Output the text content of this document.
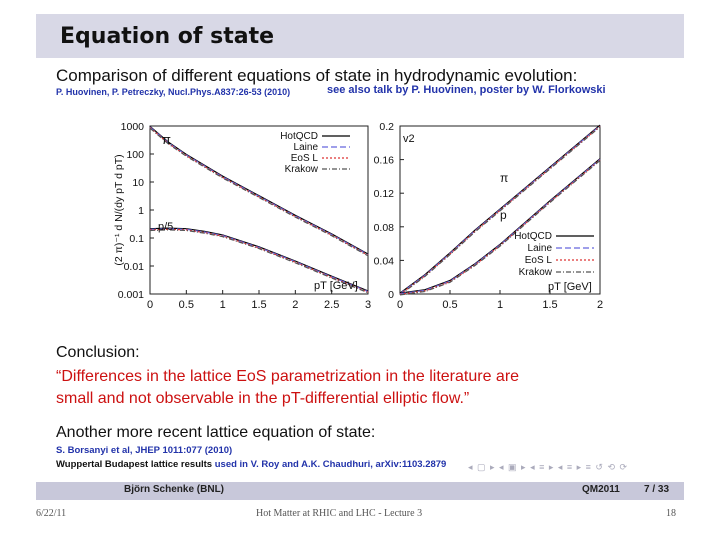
Equation of state
Comparison of different equations of state in hydrodynamic evolution:
P. Huovinen, P. Petreczky, Nucl.Phys.A837:26-53 (2010)	see also talk by P. Huovinen, poster by W. Florkowski
0 0.5 1 1.5 2 2.5 3
0.001
0.01
0.1
1
10
100
1000
π
p/5
pT [GeV]
(2 π)⁻¹ d N/(dy pT d pT)
HotQCD
Laine
EoS L
Krakow
0	0.5	1	1.5	2
0
0.04
0.08
0.12
0.16
0.2
π
p
pT [GeV]
v2
HotQCD
Laine
EoS L
Krakow
Conclusion:
“Differences in the lattice EoS parametrization in the literature are
small and not observable in the pT-differential elliptic flow.”
Another more recent lattice equation of state:
S. Borsanyi et al, JHEP 1011:077 (2010)
Wuppertal Budapest lattice results used in V. Roy and A.K. Chaudhuri, arXiv:1103.2879 ◂ ▢ ▸ ◂ ▣ ▸ ◂ ≡ ▸ ◂ ≡ ▸ ≡ ↺ ⟲ ⟳
Björn Schenke (BNL)	QM2011 7 / 33
6/22/11	Hot Matter at RHIC and LHC - Lecture 3	18
